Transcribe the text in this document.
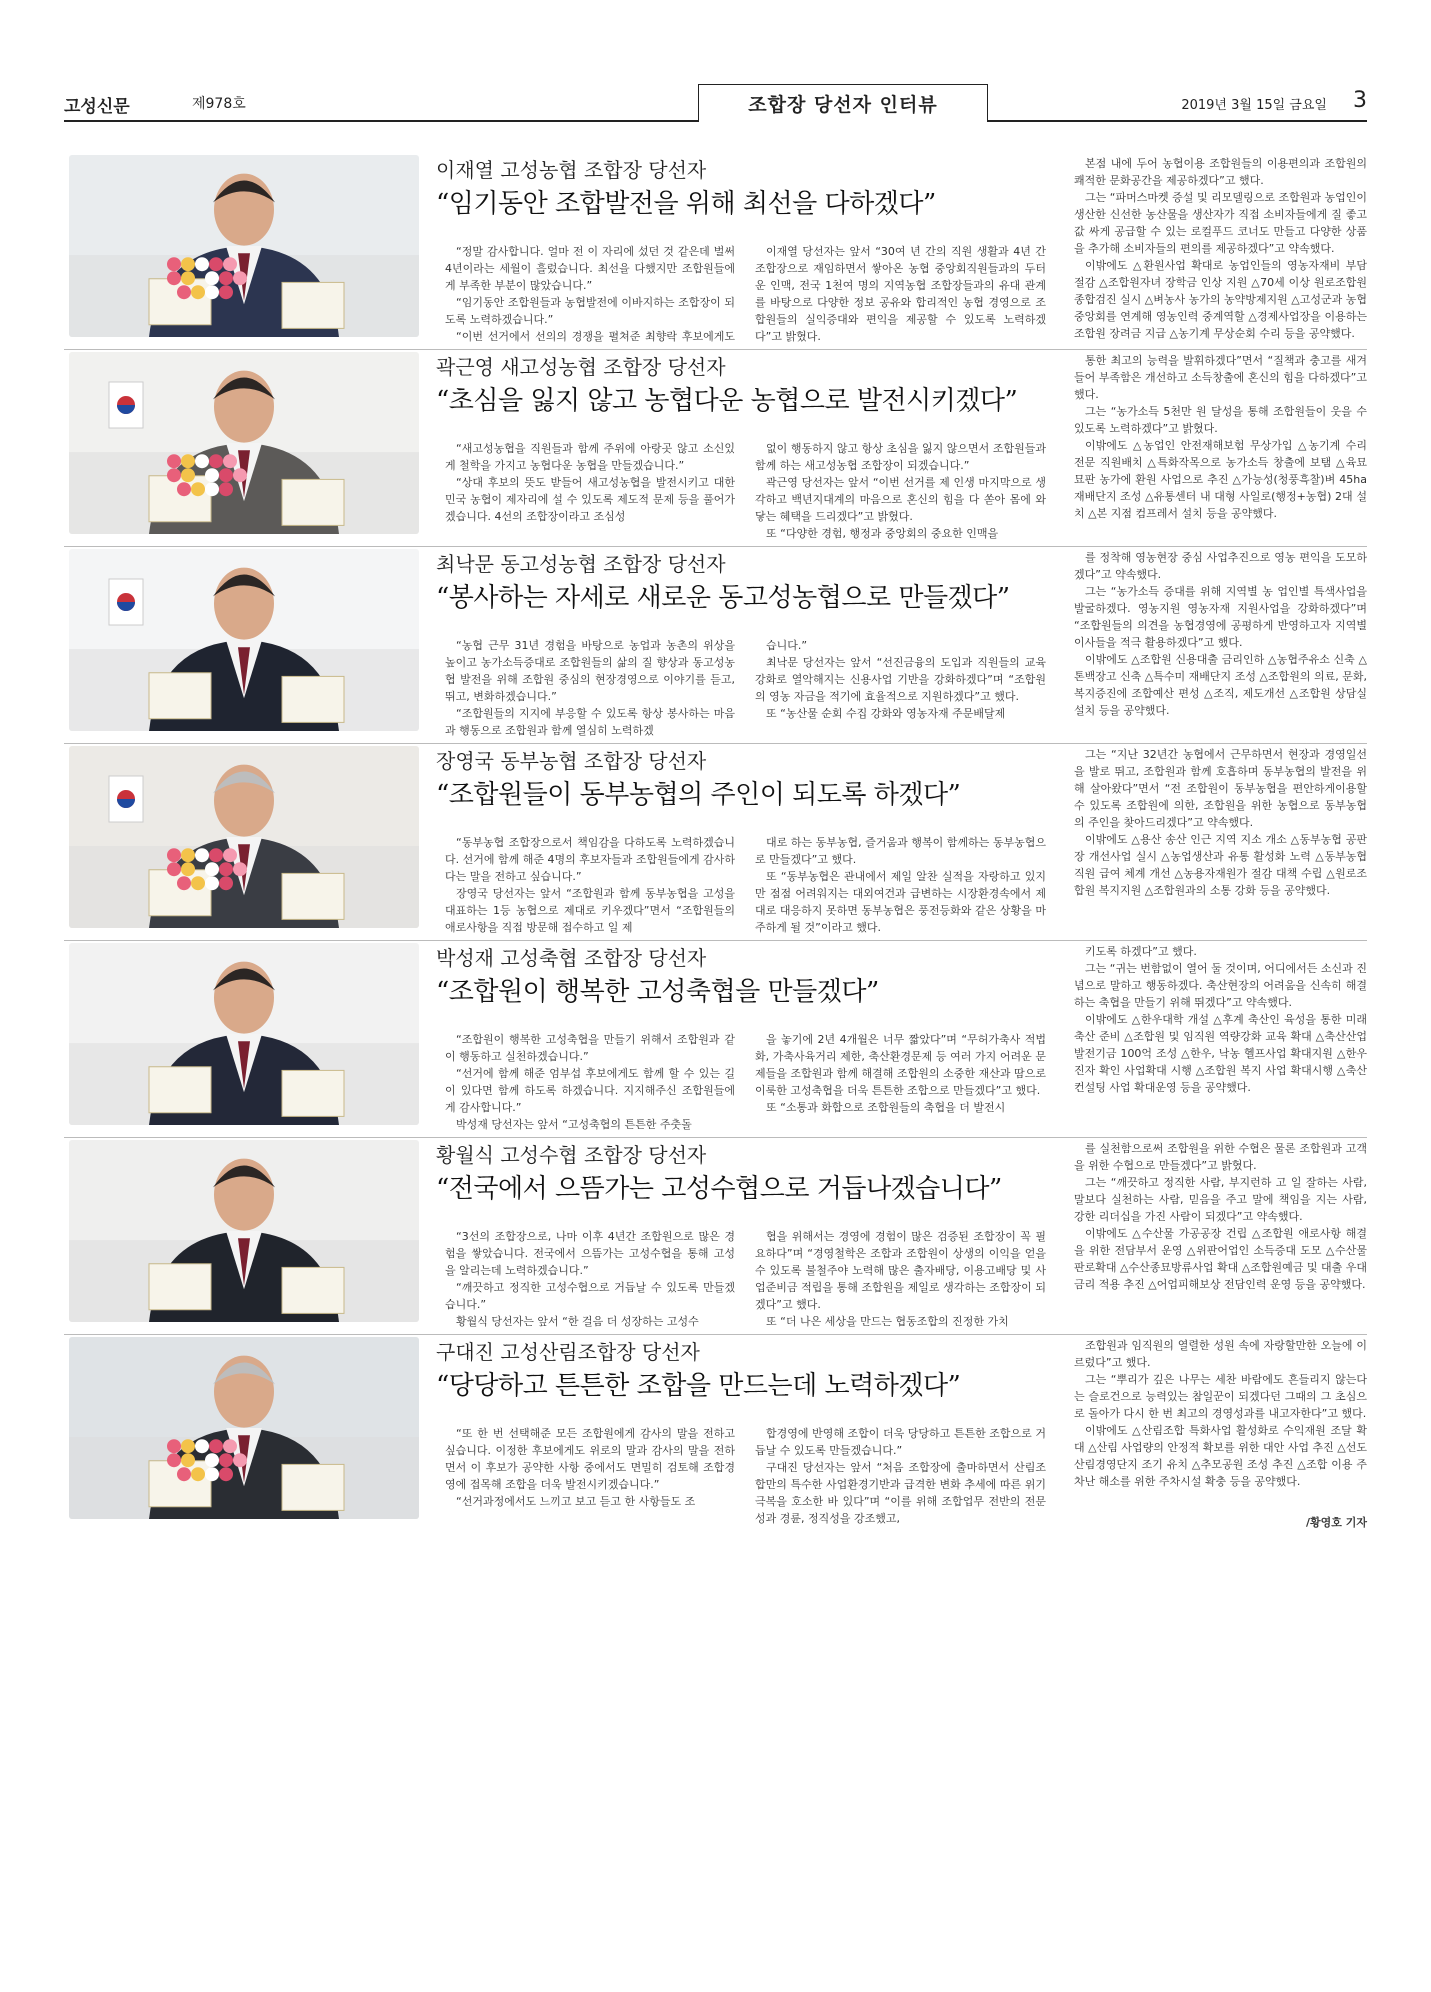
고성신문	제978호	조합장 당선자 인터뷰	2019년 3월 15일 금요일 3
이재열 고성농협 조합장 당선자
“임기동안 조합발전을 위해 최선을 다하겠다”

“정말 감사합니다. 얼마 전 이 자리에 섰던 것 같은데 벌써 4년이라는 세월이 흘렀습니다. 최선을 다했지만 조합원들에게 부족한 부분이 많았습니다.”

“임기동안 조합원들과 농협발전에 이바지하는 조합장이 되도록 노력하겠습니다.”

“이번 선거에서 선의의 경쟁을 펼쳐준 최향락 후보에게도

이재열 당선자는 앞서 “30여 년 간의 직원 생활과 4년 간 조합장으로 재임하면서 쌓아온 농협 중앙회직원들과의 두터운 인맥, 전국 1천여 명의 지역농협 조합장들과의 유대 관계를 바탕으로 다양한 정보 공유와 합리적인 농협 경영으로 조합원들의 실익증대와 편익을 제공할 수 있도록 노력하겠다”고 밝혔다.

본점 내에 두어 농협이용 조합원들의 이용편의과 조합원의 쾌적한 문화공간을 제공하겠다”고 했다.

그는 “파머스마켓 증설 및 리모델링으로 조합원과 농업인이 생산한 신선한 농산물을 생산자가 직접 소비자들에게 질 좋고 값 싸게 공급할 수 있는 로컬푸드 코너도 만들고 다양한 상품을 추가해 소비자들의 편의를 제공하겠다”고 약속했다.

이밖에도 △환원사업 확대로 농업인들의 영농자재비 부담 절감 △조합원자녀 장학금 인상 지원 △70세 이상 원로조합원 종합검진 실시 △벼농사 농가의 농약방제지원 △고성군과 농협중앙회를 연계해 영농인력 중계역할 △경제사업장을 이용하는 조합원 장려금 지급 △농기계 무상순회 수리 등을 공약했다.

곽근영 새고성농협 조합장 당선자
“초심을 잃지 않고 농협다운 농협으로 발전시키겠다”

“새고성농협을 직원들과 함께 주위에 아랑곳 않고 소신있게 철학을 가지고 농협다운 농협을 만들겠습니다.”

“상대 후보의 뜻도 받들어 새고성농협을 발전시키고 대한민국 농협이 제자리에 설 수 있도록 제도적 문제 등을 풀어가겠습니다. 4선의 조합장이라고 조심성

없이 행동하지 않고 항상 초심을 잃지 않으면서 조합원들과 함께 하는 새고성농협 조합장이 되겠습니다.”

곽근영 당선자는 앞서 “이번 선거를 제 인생 마지막으로 생각하고 백년지대계의 마음으로 혼신의 힘을 다 쏟아 몸에 와 닿는 혜택을 드리겠다”고 밝혔다.

또 “다양한 경험, 행정과 중앙회의 중요한 인맥을

통한 최고의 능력을 발휘하겠다”면서 “질책과 충고를 새겨 들어 부족함은 개선하고 소득창출에 혼신의 힘을 다하겠다”고 했다.

그는 “농가소득 5천만 원 달성을 통해 조합원들이 웃을 수 있도록 노력하겠다”고 밝혔다.

이밖에도 △농업인 안전재해보험 무상가입 △농기계 수리 전문 직원배치 △특화작목으로 농가소득 창출에 보탬 △육묘 묘판 농가에 환원 사업으로 추진 △가능성(청풍흑찰)벼 45ha 재배단지 조성 △유통센터 내 대형 사일로(행정+농협) 2대 설치 △본 지점 컴프레서 설치 등을 공약했다.

최낙문 동고성농협 조합장 당선자
“봉사하는 자세로 새로운 동고성농협으로 만들겠다”

“농협 근무 31년 경험을 바탕으로 농업과 농촌의 위상을 높이고 농가소득증대로 조합원들의 삶의 질 향상과 동고성농협 발전을 위해 조합원 중심의 현장경영으로 이야기를 듣고, 뛰고, 변화하겠습니다.”

“조합원들의 지지에 부응할 수 있도록 항상 봉사하는 마음과 행동으로 조합원과 함께 열심히 노력하겠

습니다.”

최낙문 당선자는 앞서 “선진금융의 도입과 직원들의 교육강화로 열악해지는 신용사업 기반을 강화하겠다”며 “조합원의 영농 자금을 적기에 효율적으로 지원하겠다”고 했다.

또 “농산물 순회 수집 강화와 영농자재 주문배달제

를 정착해 영농현장 중심 사업추진으로 영농 편익을 도모하겠다”고 약속했다.

그는 “농가소득 증대를 위해 지역별 농 업인별 특색사업을 발굴하겠다. 영농지원 영농자재 지원사업을 강화하겠다”며 “조합원들의 의견을 농협경영에 공평하게 반영하고자 지역별 이사들을 적극 활용하겠다”고 했다.

이밖에도 △조합원 신용대출 금리인하 △농협주유소 신축 △톤백장고 신축 △특수미 재배단지 조성 △조합원의 의료, 문화, 복지증진에 조합예산 편성 △조직, 제도개선 △조합원 상담실 설치 등을 공약했다.

장영국 동부농협 조합장 당선자
“조합원들이 동부농협의 주인이 되도록 하겠다”

“동부농협 조합장으로서 책임감을 다하도록 노력하겠습니다. 선거에 함께 해준 4명의 후보자들과 조합원들에게 감사하다는 말을 전하고 싶습니다.”

장영국 당선자는 앞서 “조합원과 함께 동부농협을 고성을 대표하는 1등 농협으로 제대로 키우겠다”면서 “조합원들의 애로사항을 직접 방문해 접수하고 일 제

대로 하는 동부농협, 즐거움과 행복이 함께하는 동부농협으로 만들겠다”고 했다.

또 “동부농협은 관내에서 제일 알찬 실적을 자랑하고 있지만 점점 어려워지는 대외여건과 급변하는 시장환경속에서 제대로 대응하지 못하면 동부농협은 풍전등화와 같은 상황을 마주하게 될 것”이라고 했다.

그는 “지난 32년간 농협에서 근무하면서 현장과 경영일선을 발로 뛰고, 조합원과 함께 호흡하며 동부농협의 발전을 위해 살아왔다”면서 “전 조합원이 동부농협을 편안하게이용할 수 있도록 조합원에 의한, 조합원을 위한 농협으로 동부농협의 주인을 찾아드리겠다”고 약속했다.

이밖에도 △용산 송산 인근 지역 지소 개소 △동부농협 공판장 개선사업 실시 △농업생산과 유통 활성화 노력 △동부농협 직원 급여 체계 개선 △농용자재원가 절감 대책 수립 △원로조합원 복지지원 △조합원과의 소통 강화 등을 공약했다.

박성재 고성축협 조합장 당선자
“조합원이 행복한 고성축협을 만들겠다”

“조합원이 행복한 고성축협을 만들기 위해서 조합원과 같이 행동하고 실천하겠습니다.”

“선거에 함께 해준 엄부섭 후보에게도 함께 할 수 있는 길이 있다면 함께 하도록 하겠습니다. 지지해주신 조합원들에게 감사합니다.”

박성재 당선자는 앞서 “고성축협의 튼튼한 주춧돌

을 놓기에 2년 4개월은 너무 짧았다”며 “무허가축사 적법화, 가축사육거리 제한, 축산환경문제 등 여러 가지 어려운 문제들을 조합원과 함께 해결해 조합원의 소중한 재산과 땀으로 이룩한 고성축협을 더욱 튼튼한 조합으로 만들겠다”고 했다.

또 “소통과 화합으로 조합원들의 축협을 더 발전시

키도록 하겠다”고 했다.

그는 “귀는 번함없이 열어 둘 것이며, 어디에서든 소신과 진념으로 말하고 행동하겠다. 축산현장의 어려움을 신속히 해결 하는 축협을 만들기 위해 뛰겠다”고 약속했다.

이밖에도 △한우대학 개설 △후계 축산인 육성을 통한 미래 축산 준비 △조합원 및 임직원 역량강화 교육 확대 △축산산업발전기금 100억 조성 △한우, 낙농 헬프사업 확대지원 △한우 진자 확인 사업확대 시행 △조합원 복지 사업 확대시행 △축산 컨설팅 사업 확대운영 등을 공약했다.

황월식 고성수협 조합장 당선자
“전국에서 으뜸가는 고성수협으로 거듭나겠습니다”

“3선의 조합장으로, 나마 이후 4년간 조합원으로 많은 경험을 쌓았습니다. 전국에서 으뜸가는 고성수협을 통해 고성을 알리는데 노력하겠습니다.”

“깨끗하고 정직한 고성수협으로 거듭날 수 있도록 만들겠습니다.”

황월식 당선자는 앞서 “한 걸음 더 성장하는 고성수

협을 위해서는 경영에 경험이 많은 검증된 조합장이 꼭 필요하다”며 “경영철학은 조합과 조합원이 상생의 이익을 얻을 수 있도록 불철주야 노력해 많은 출자배당, 이용고배당 및 사업준비금 적립을 통해 조합원을 제일로 생각하는 조합장이 되겠다”고 했다.

또 “더 나은 세상을 만드는 협동조합의 진정한 가치

를 실천함으로써 조합원을 위한 수협은 물론 조합원과 고객을 위한 수협으로 만들겠다”고 밝혔다.

그는 “깨끗하고 정직한 사람, 부지런하 고 일 잘하는 사람, 말보다 실천하는 사람, 믿음을 주고 말에 책임을 지는 사람, 강한 리더십을 가진 사람이 되겠다”고 약속했다.

이밖에도 △수산물 가공공장 건립 △조합원 애로사항 해결을 위한 전담부서 운영 △위판어업인 소득증대 도모 △수산물 판로확대 △수산종묘방류사업 확대 △조합원예금 및 대출 우대금리 적용 추진 △어업피해보상 전담인력 운영 등을 공약했다.

구대진 고성산림조합장 당선자
“당당하고 튼튼한 조합을 만드는데 노력하겠다”

“또 한 번 선택해준 모든 조합원에게 감사의 말을 전하고 싶습니다. 이정한 후보에게도 위로의 말과 감사의 말을 전하면서 이 후보가 공약한 사항 중에서도 면밀히 검토해 조합경영에 접목해 조합을 더욱 발전시키겠습니다.”

“선거과정에서도 느끼고 보고 듣고 한 사항들도 조

합경영에 반영해 조합이 더욱 당당하고 튼튼한 조합으로 거듭날 수 있도록 만들겠습니다.”

구대진 당선자는 앞서 “처음 조합장에 출마하면서 산림조합만의 특수한 사업환경기반과 급격한 변화 추세에 따른 위기극복을 호소한 바 있다”며 “이를 위해 조합업무 전반의 전문성과 경륜, 정직성을 강조했고,

조합원과 임직원의 열렬한 성원 속에 자랑할만한 오늘에 이르렀다”고 했다.

그는 “뿌리가 깊은 나무는 세찬 바람에도 흔들리지 않는다는 슬로건으로 능력있는 참일꾼이 되겠다던 그때의 그 초심으로 돌아가 다시 한 번 최고의 경영성과를 내고자한다”고 했다.

이밖에도 △산림조합 특화사업 활성화로 수익재원 조달 확대 △산림 사업량의 안정적 확보를 위한 대안 사업 추진 △선도산림경영단지 조기 유치 △추모공원 조성 추진 △조합 이용 주차난 해소를 위한 주차시설 확충 등을 공약했다.

/황영호 기자
